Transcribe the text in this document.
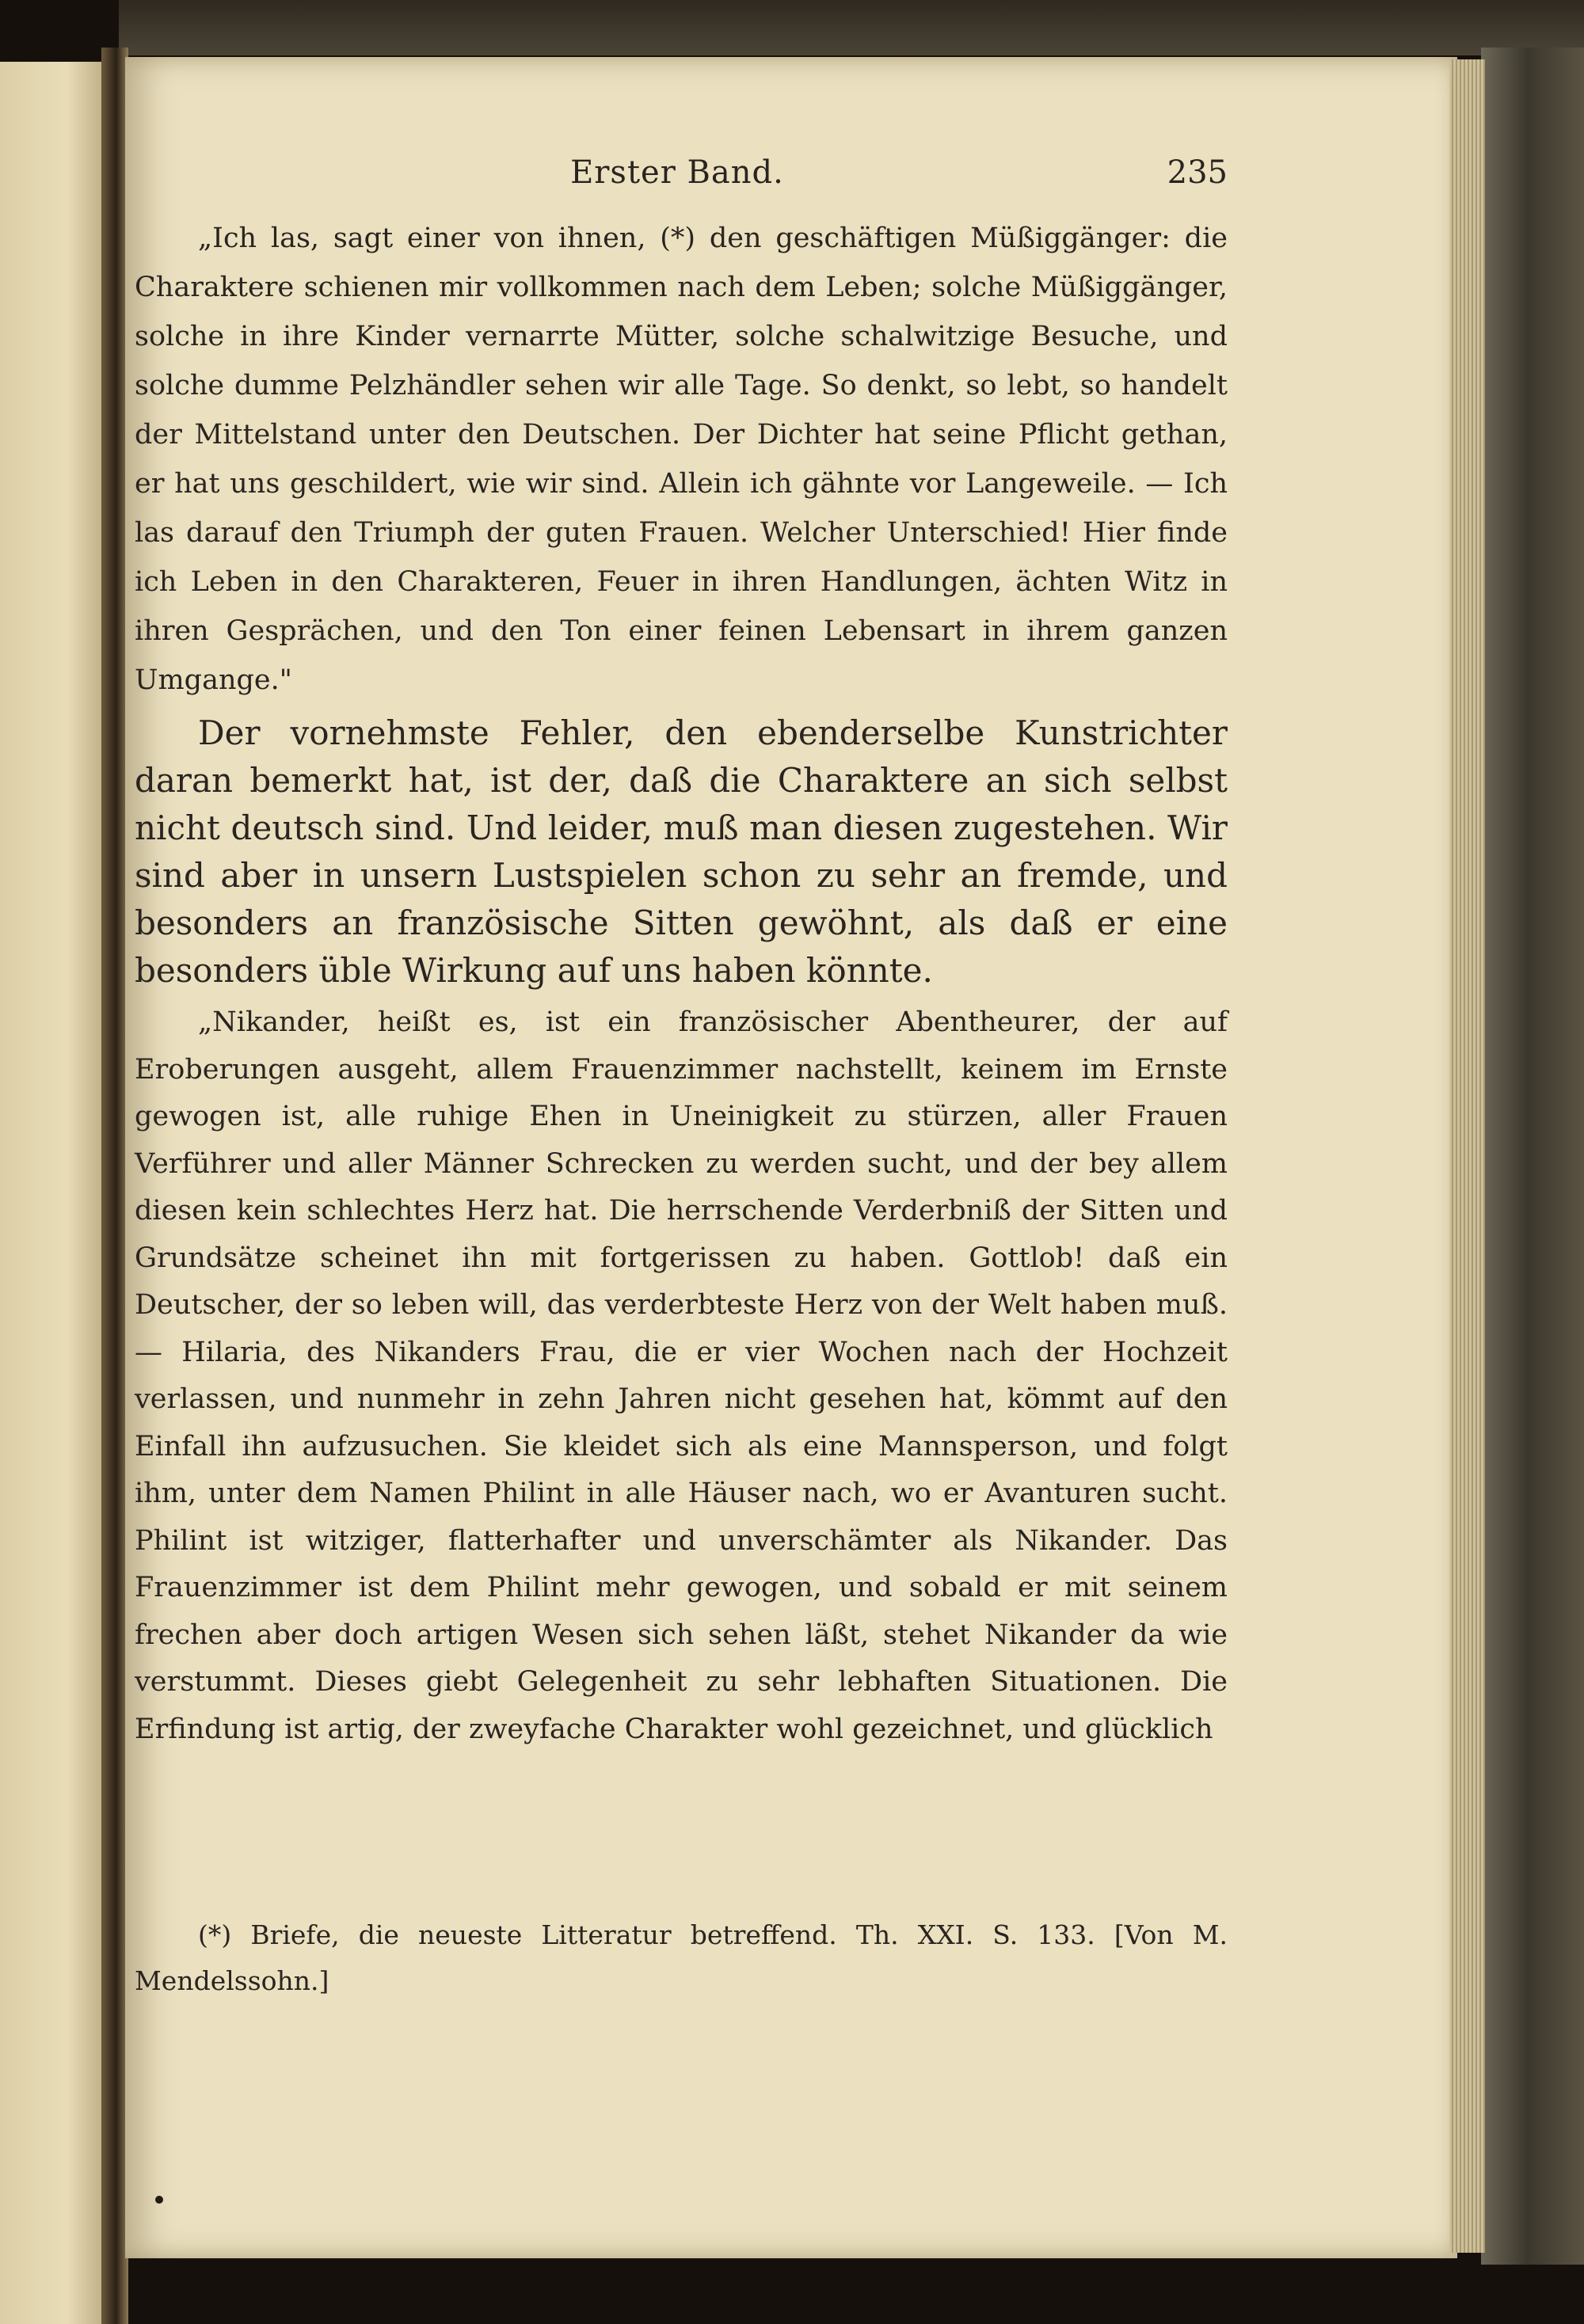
Erster Band.	235

„Ich las, sagt einer von ihnen, (*) den geschäftigen Müßiggänger: die Charaktere schienen mir vollkommen nach dem Leben; solche Müßiggänger, solche in ihre Kinder vernarrte Mütter, solche schalwitzige Besuche, und solche dumme Pelzhändler sehen wir alle Tage. So denkt, so lebt, so handelt der Mittelstand unter den Deutschen. Der Dichter hat seine Pflicht gethan, er hat uns geschildert, wie wir sind. Allein ich gähnte vor Langeweile. — Ich las darauf den Triumph der guten Frauen. Welcher Unterschied! Hier finde ich Leben in den Charakteren, Feuer in ihren Handlungen, ächten Witz in ihren Gesprächen, und den Ton einer feinen Lebensart in ihrem ganzen Umgange."

Der vornehmste Fehler, den ebenderselbe Kunstrichter daran bemerkt hat, ist der, daß die Charaktere an sich selbst nicht deutsch sind. Und leider, muß man diesen zugestehen. Wir sind aber in unsern Lustspielen schon zu sehr an fremde, und besonders an französische Sitten gewöhnt, als daß er eine besonders üble Wirkung auf uns haben könnte.

„Nikander, heißt es, ist ein französischer Abentheurer, der auf Eroberungen ausgeht, allem Frauenzimmer nachstellt, keinem im Ernste gewogen ist, alle ruhige Ehen in Uneinigkeit zu stürzen, aller Frauen Verführer und aller Männer Schrecken zu werden sucht, und der bey allem diesen kein schlechtes Herz hat. Die herrschende Verderbniß der Sitten und Grundsätze scheinet ihn mit fortgerissen zu haben. Gottlob! daß ein Deutscher, der so leben will, das verderbteste Herz von der Welt haben muß. — Hilaria, des Nikanders Frau, die er vier Wochen nach der Hochzeit verlassen, und nunmehr in zehn Jahren nicht gesehen hat, kömmt auf den Einfall ihn aufzusuchen. Sie kleidet sich als eine Mannsperson, und folgt ihm, unter dem Namen Philint in alle Häuser nach, wo er Avanturen sucht. Philint ist witziger, flatterhafter und unverschämter als Nikander. Das Frauenzimmer ist dem Philint mehr gewogen, und sobald er mit seinem frechen aber doch artigen Wesen sich sehen läßt, stehet Nikander da wie verstummt. Dieses giebt Gelegenheit zu sehr lebhaften Situationen. Die Erfindung ist artig, der zweyfache Charakter wohl gezeichnet, und glücklich

(*) Briefe, die neueste Litteratur betreffend. Th. XXI. S. 133. [Von M. Mendelssohn.]
